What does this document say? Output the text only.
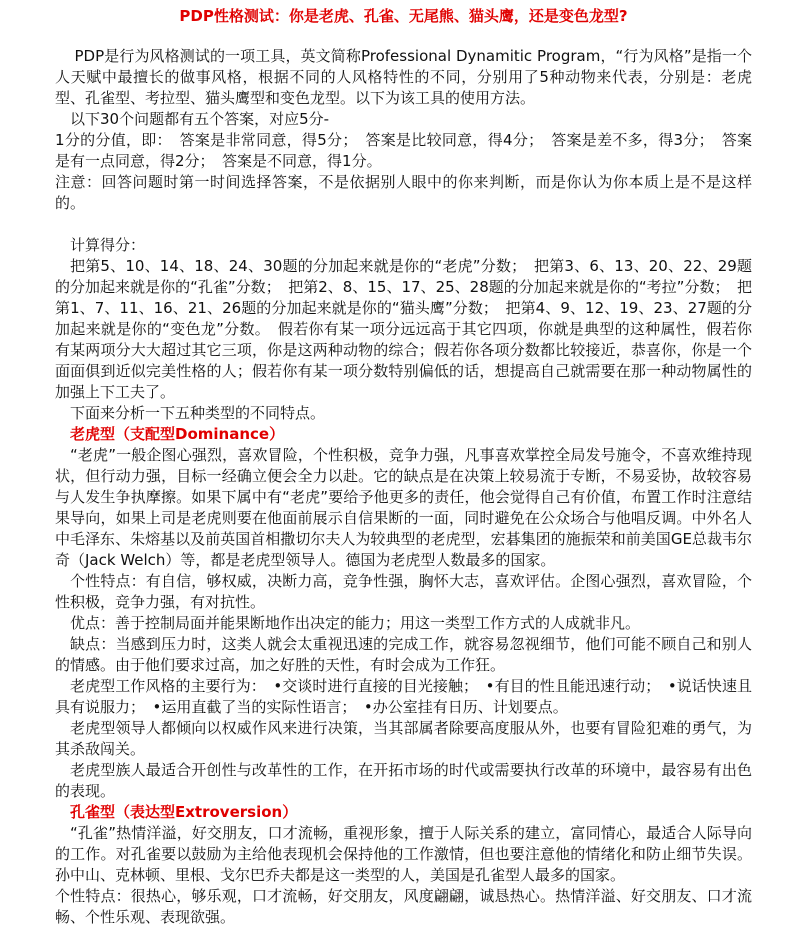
PDP性格测试：你是老虎、孔雀、无尾熊、猫头鹰，还是变色龙型?

PDP是行为风格测试的一项工具，英文简称Professional Dynamitic Program，“行为风格”是指一个人天赋中最擅长的做事风格，根据不同的人风格特性的不同，分别用了5种动物来代表，分别是：老虎型、孔雀型、考拉型、猫头鹰型和变色龙型。以下为该工具的使用方法。

以下30个问题都有五个答案，对应5分-

1分的分值，即：　答案是非常同意，得5分；　答案是比较同意，得4分；　答案是差不多，得3分；　答案是有一点同意，得2分；　答案是不同意，得1分。

注意：回答问题时第一时间选择答案，不是依据别人眼中的你来判断，而是你认为你本质上是不是这样的。

计算得分：

把第5、10、14、18、24、30题的分加起来就是你的“老虎”分数；　把第3、6、13、20、22、29题的分加起来就是你的“孔雀”分数；　把第2、8、15、17、25、28题的分加起来就是你的“考拉”分数；　把第1、7、11、16、21、26题的分加起来就是你的“猫头鹰”分数；　把第4、9、12、19、23、27题的分加起来就是你的“变色龙”分数。　假若你有某一项分远远高于其它四项，你就是典型的这种属性，假若你有某两项分大大超过其它三项，你是这两种动物的综合；假若你各项分数都比较接近，恭喜你，你是一个面面俱到近似完美性格的人；假若你有某一项分数特别偏低的话，想提高自己就需要在那一种动物属性的加强上下工夫了。

下面来分析一下五种类型的不同特点。

老虎型（支配型Dominance）

“老虎”一般企图心强烈，喜欢冒险，个性积极，竞争力强，凡事喜欢掌控全局发号施令，不喜欢维持现状，但行动力强，目标一经确立便会全力以赴。它的缺点是在决策上较易流于专断，不易妥协，故较容易与人发生争执摩擦。如果下属中有“老虎”要给予他更多的责任，他会觉得自己有价值，布置工作时注意结果导向，如果上司是老虎则要在他面前展示自信果断的一面，同时避免在公众场合与他唱反调。中外名人中毛泽东、朱熔基以及前英国首相撒切尔夫人为较典型的老虎型，宏碁集团的施振荣和前美国GE总裁韦尔奇（Jack Welch）等，都是老虎型领导人。德国为老虎型人数最多的国家。

个性特点：有自信，够权威，决断力高，竞争性强，胸怀大志，喜欢评估。企图心强烈，喜欢冒险，个性积极，竞争力强，有对抗性。

优点：善于控制局面并能果断地作出决定的能力；用这一类型工作方式的人成就非凡。

缺点：当感到压力时，这类人就会太重视迅速的完成工作，就容易忽视细节，他们可能不顾自己和别人的情感。由于他们要求过高，加之好胜的天性，有时会成为工作狂。

老虎型工作风格的主要行为：　•交谈时进行直接的目光接触；　•有目的性且能迅速行动；　•说话快速且具有说服力；　•运用直截了当的实际性语言；　•办公室挂有日历、计划要点。

老虎型领导人都倾向以权威作风来进行决策，当其部属者除要高度服从外，也要有冒险犯难的勇气，为其杀敌闯关。

老虎型族人最适合开创性与改革性的工作，在开拓市场的时代或需要执行改革的环境中，最容易有出色的表现。

孔雀型（表达型Extroversion）

“孔雀”热情洋溢，好交朋友，口才流畅，重视形象，擅于人际关系的建立，富同情心，最适合人际导向的工作。对孔雀要以鼓励为主给他表现机会保持他的工作激情，但也要注意他的情绪化和防止细节失误。孙中山、克林顿、里根、戈尔巴乔夫都是这一类型的人，美国是孔雀型人最多的国家。

个性特点：很热心，够乐观，口才流畅，好交朋友，风度翩翩，诚恳热心。热情洋溢、好交朋友、口才流畅、个性乐观、表现欲强。
